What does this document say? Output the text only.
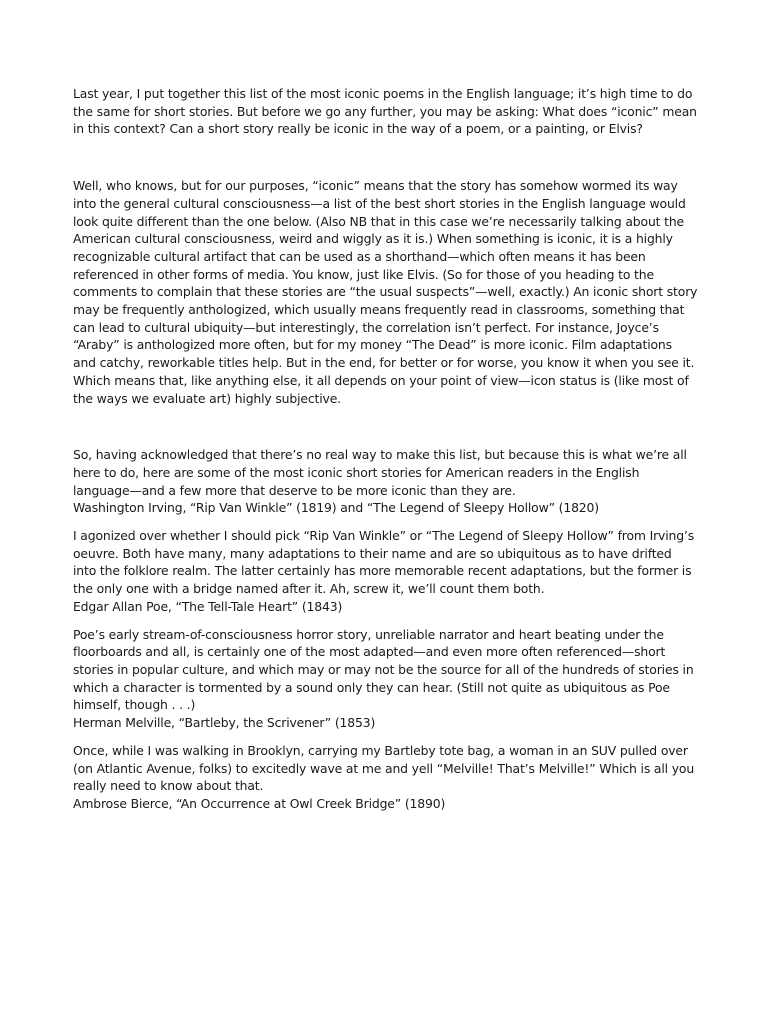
Last year, I put together this list of the most iconic poems in the English language; it’s high time to do the same for short stories. But before we go any further, you may be asking: What does “iconic” mean in this context? Can a short story really be iconic in the way of a poem, or a painting, or Elvis?

Well, who knows, but for our purposes, “iconic” means that the story has somehow wormed its way into the general cultural consciousness—a list of the best short stories in the English language would look quite different than the one below. (Also NB that in this case we’re necessarily talking about the American cultural consciousness, weird and wiggly as it is.) When something is iconic, it is a highly recognizable cultural artifact that can be used as a shorthand—which often means it has been referenced in other forms of media. You know, just like Elvis. (So for those of you heading to the comments to complain that these stories are “the usual suspects”—well, exactly.) An iconic short story may be frequently anthologized, which usually means frequently read in classrooms, something that can lead to cultural ubiquity—but interestingly, the correlation isn’t perfect. For instance, Joyce’s “Araby” is anthologized more often, but for my money “The Dead” is more iconic. Film adaptations and catchy, reworkable titles help. But in the end, for better or for worse, you know it when you see it. Which means that, like anything else, it all depends on your point of view—icon status is (like most of the ways we evaluate art) highly subjective.

So, having acknowledged that there’s no real way to make this list, but because this is what we’re all here to do, here are some of the most iconic short stories for American readers in the English language—and a few more that deserve to be more iconic than they are.

Washington Irving, “Rip Van Winkle” (1819) and “The Legend of Sleepy Hollow” (1820)

I agonized over whether I should pick “Rip Van Winkle” or “The Legend of Sleepy Hollow” from Irving’s oeuvre. Both have many, many adaptations to their name and are so ubiquitous as to have drifted into the folklore realm. The latter certainly has more memorable recent adaptations, but the former is the only one with a bridge named after it. Ah, screw it, we’ll count them both.

Edgar Allan Poe, “The Tell-Tale Heart” (1843)

Poe’s early stream-of-consciousness horror story, unreliable narrator and heart beating under the floorboards and all, is certainly one of the most adapted—and even more often referenced—short stories in popular culture, and which may or may not be the source for all of the hundreds of stories in which a character is tormented by a sound only they can hear. (Still not quite as ubiquitous as Poe himself, though . . .)

Herman Melville, “Bartleby, the Scrivener” (1853)

Once, while I was walking in Brooklyn, carrying my Bartleby tote bag, a woman in an SUV pulled over (on Atlantic Avenue, folks) to excitedly wave at me and yell “Melville! That’s Melville!” Which is all you really need to know about that.

Ambrose Bierce, “An Occurrence at Owl Creek Bridge” (1890)
